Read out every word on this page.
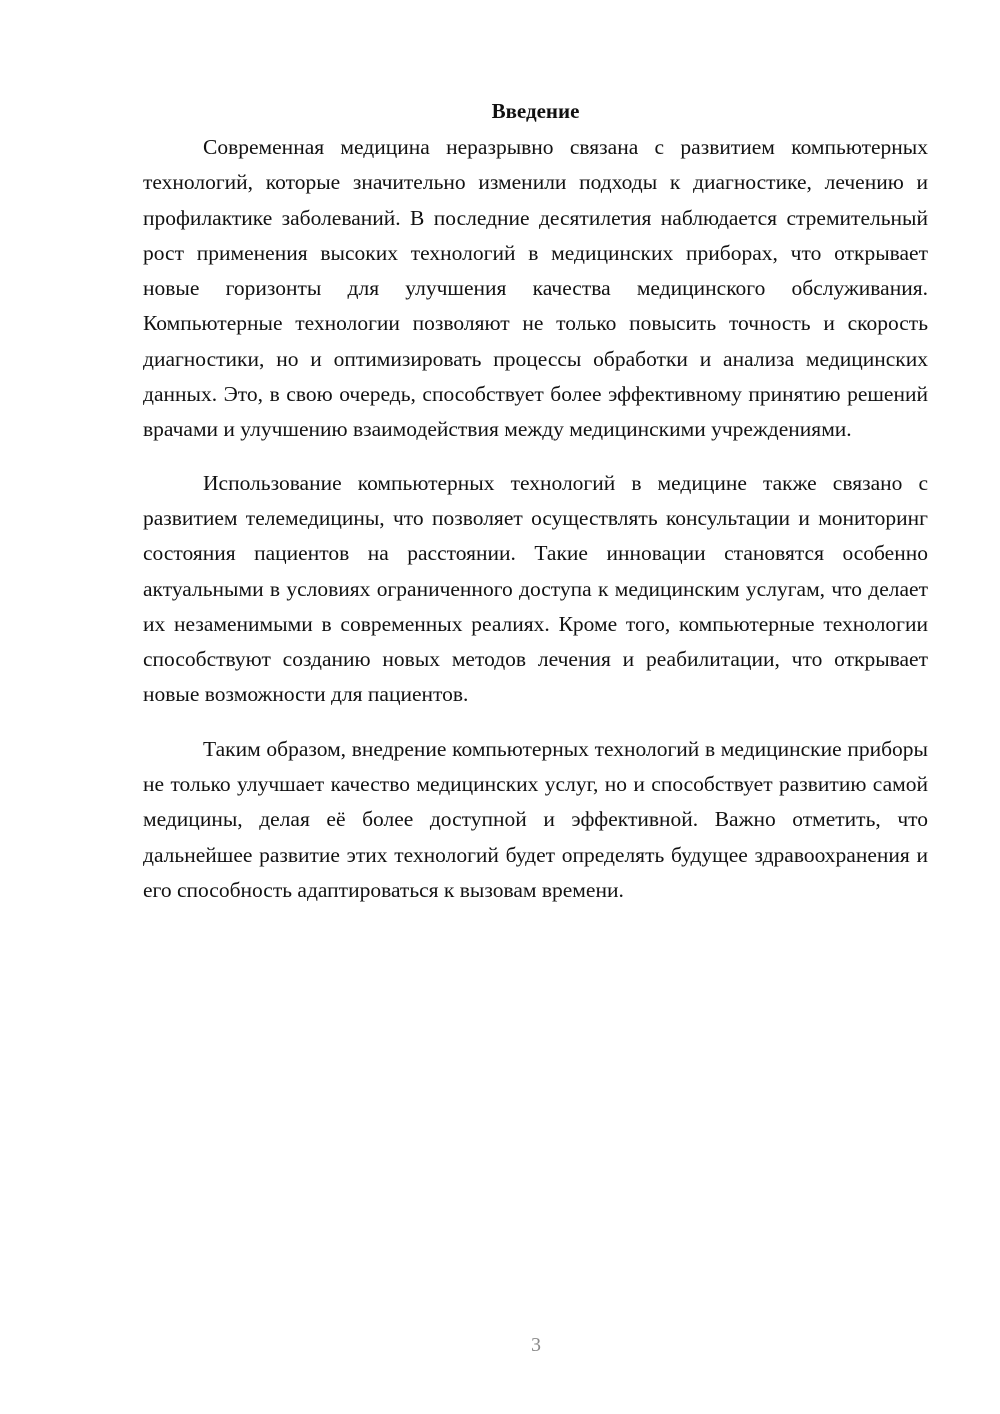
Введение

Современная медицина неразрывно связана с развитием компьютерных технологий, которые значительно изменили подходы к диагностике, лечению и профилактике заболеваний. В последние десятилетия наблюдается стремительный рост применения высоких технологий в медицинских приборах, что открывает новые горизонты для улучшения качества медицинского обслуживания. Компьютерные технологии позволяют не только повысить точность и скорость диагностики, но и оптимизировать процессы обработки и анализа медицинских данных. Это, в свою очередь, способствует более эффективному принятию решений врачами и улучшению взаимодействия между медицинскими учреждениями.

Использование компьютерных технологий в медицине также связано с развитием телемедицины, что позволяет осуществлять консультации и мониторинг состояния пациентов на расстоянии. Такие инновации становятся особенно актуальными в условиях ограниченного доступа к медицинским услугам, что делает их незаменимыми в современных реалиях. Кроме того, компьютерные технологии способствуют созданию новых методов лечения и реабилитации, что открывает новые возможности для пациентов.

Таким образом, внедрение компьютерных технологий в медицинские приборы не только улучшает качество медицинских услуг, но и способствует развитию самой медицины, делая её более доступной и эффективной. Важно отметить, что дальнейшее развитие этих технологий будет определять будущее здравоохранения и его способность адаптироваться к вызовам времени.

3
